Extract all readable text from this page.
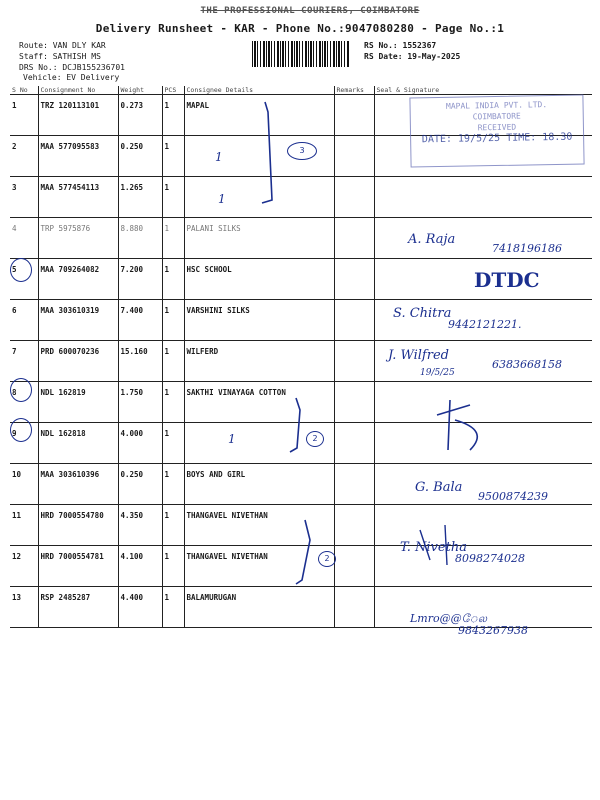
THE PROFESSIONAL COURIERS, COIMBATORE
Delivery Runsheet - KAR - Phone No.:9047080280 - Page No.:1
Route: VAN DLY KAR
Staff: SATHISH MS
DRS No.: DCJB155236701
Vehicle: EV Delivery
RS No.: 1552367
RS Date: 19-May-2025
S No	Consignment No	Weight	PCS	Consignee Details	Remarks	Seal & Signature
1	TRZ 120113101	0.273	1	MAPAL		
2	MAA 577095583	0.250	1			
3	MAA 577454113	1.265	1			
4	TRP 5975876	8.880	1	PALANI SILKS		
5	MAA 709264082	7.200	1	HSC SCHOOL		
6	MAA 303610319	7.400	1	VARSHINI SILKS		
7	PRD 600070236	15.160	1	WILFERD		
8	NDL 162819	1.750	1	SAKTHI VINAYAGA COTTON		
9	NDL 162818	4.000	1			
10	MAA 303610396	0.250	1	BOYS AND GIRL		
11	HRD 7000554780	4.350	1	THANGAVEL NIVETHAN		
12	HRD 7000554781	4.100	1	THANGAVEL NIVETHAN		
13	RSP 2485287	4.400	1	BALAMURUGAN		
MAPAL INDIA PVT. LTD.
COIMBATORE
RECEIVED
DATE: 19/5/25 TIME: 18.30
3
2
2
1
1
1
A. Raja
7418196186
DTDC
S. Chitra
9442121221.
J. Wilfred
19/5/25
6383668158
G. Bala
9500874239
T. Nivetha
8098274028
Lmro@@ேல
9843267938
